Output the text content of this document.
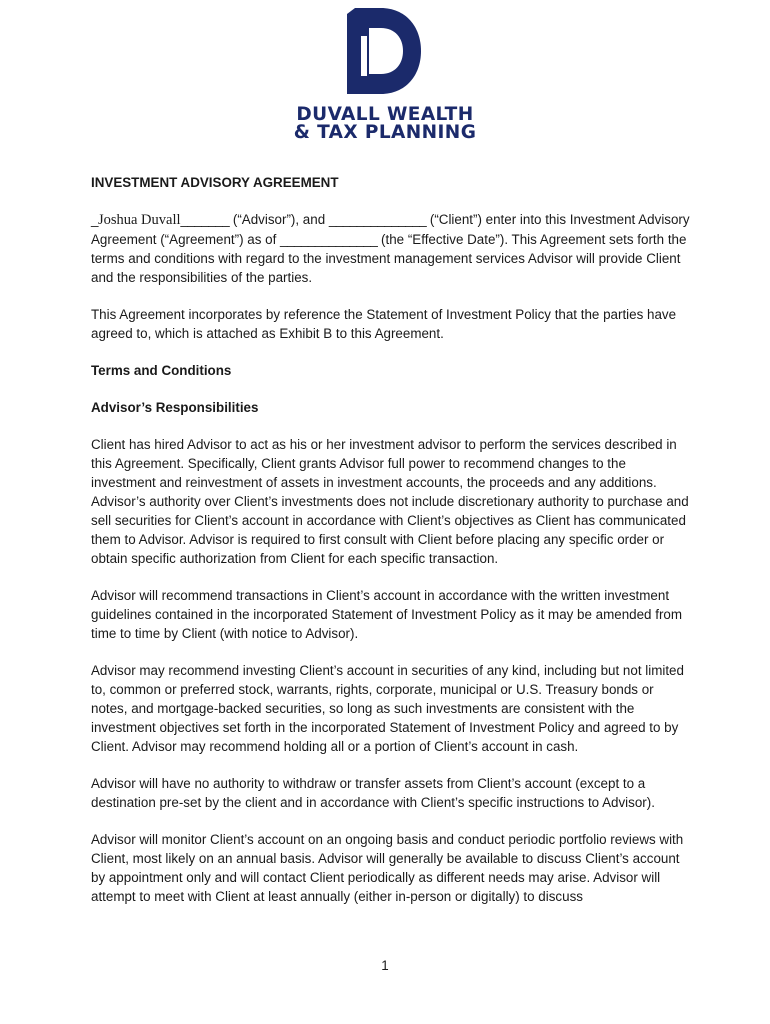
DUVALL WEALTH
& TAX PLANNING

INVESTMENT ADVISORY AGREEMENT

_Joshua Duvall_______ (“Advisor”), and ______________ (“Client”) enter into this Investment Advisory Agreement (“Agreement”) as of ______________ (the “Effective Date”). This Agreement sets forth the terms and conditions with regard to the investment management services Advisor will provide Client and the responsibilities of the parties.

This Agreement incorporates by reference the Statement of Investment Policy that the parties have agreed to, which is attached as Exhibit B to this Agreement.

Terms and Conditions

Advisor’s Responsibilities

Client has hired Advisor to act as his or her investment advisor to perform the services described in this Agreement. Specifically, Client grants Advisor full power to recommend changes to the investment and reinvestment of assets in investment accounts, the proceeds and any additions. Advisor’s authority over Client’s investments does not include discretionary authority to purchase and sell securities for Client’s account in accordance with Client’s objectives as Client has communicated them to Advisor. Advisor is required to first consult with Client before placing any specific order or obtain specific authorization from Client for each specific transaction.

Advisor will recommend transactions in Client’s account in accordance with the written investment guidelines contained in the incorporated Statement of Investment Policy as it may be amended from time to time by Client (with notice to Advisor).

Advisor may recommend investing Client’s account in securities of any kind, including but not limited to, common or preferred stock, warrants, rights, corporate, municipal or U.S. Treasury bonds or notes, and mortgage-backed securities, so long as such investments are consistent with the investment objectives set forth in the incorporated Statement of Investment Policy and agreed to by Client. Advisor may recommend holding all or a portion of Client’s account in cash.

Advisor will have no authority to withdraw or transfer assets from Client’s account (except to a destination pre-set by the client and in accordance with Client’s specific instructions to Advisor).

Advisor will monitor Client’s account on an ongoing basis and conduct periodic portfolio reviews with Client, most likely on an annual basis. Advisor will generally be available to discuss Client’s account by appointment only and will contact Client periodically as different needs may arise. Advisor will attempt to meet with Client at least annually (either in-person or digitally) to discuss

1
